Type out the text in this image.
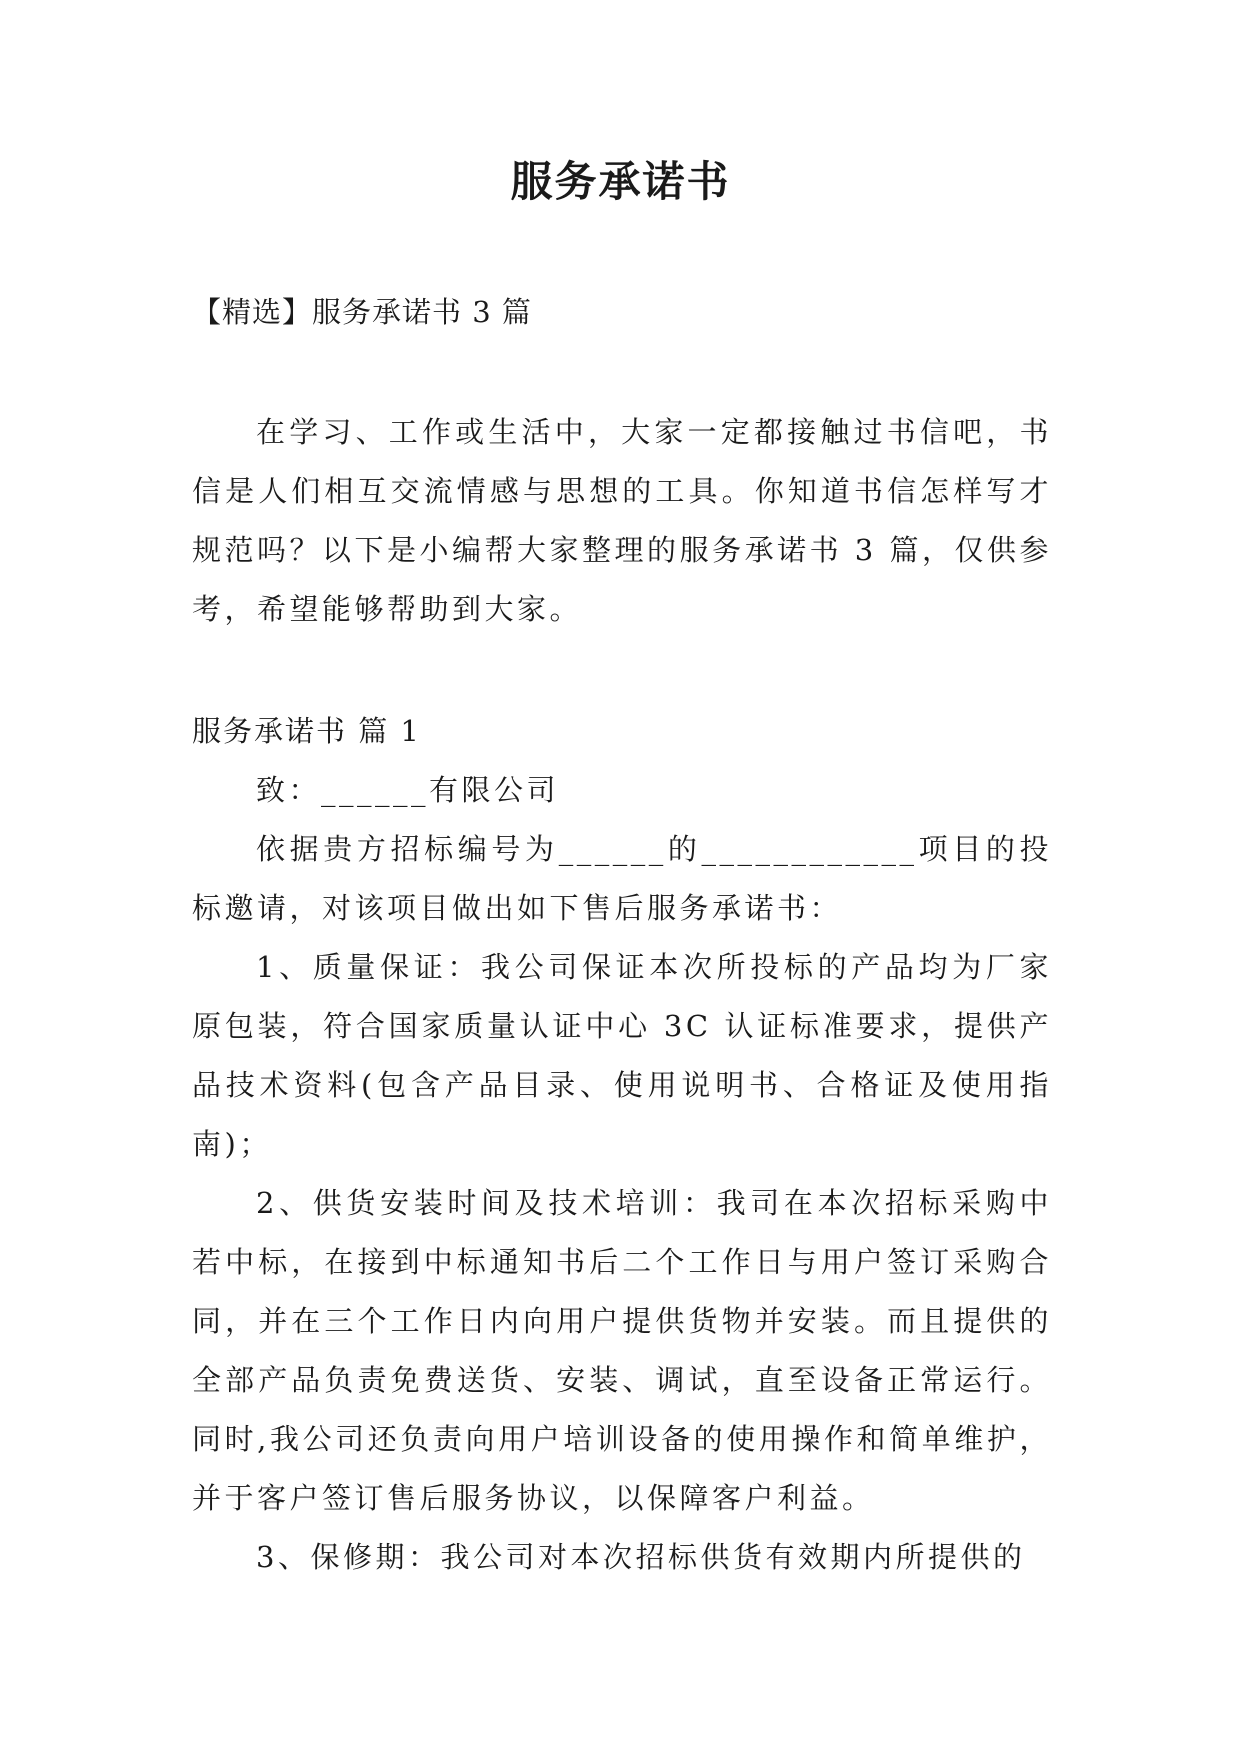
服务承诺书
【精选】服务承诺书 3 篇

在学习、工作或生活中，大家一定都接触过书信吧，书信是人们相互交流情感与思想的工具。你知道书信怎样写才规范吗？以下是小编帮大家整理的服务承诺书 3 篇，仅供参考，希望能够帮助到大家。

服务承诺书 篇 1

致：______有限公司

依据贵方招标编号为______的____________项目的投标邀请，对该项目做出如下售后服务承诺书：

1、质量保证：我公司保证本次所投标的产品均为厂家原包装，符合国家质量认证中心 3C 认证标准要求，提供产品技术资料(包含产品目录、使用说明书、合格证及使用指南)；

2、供货安装时间及技术培训：我司在本次招标采购中若中标，在接到中标通知书后二个工作日与用户签订采购合同，并在三个工作日内向用户提供货物并安装。而且提供的全部产品负责免费送货、安装、调试，直至设备正常运行。同时,我公司还负责向用户培训设备的使用操作和简单维护，并于客户签订售后服务协议，以保障客户利益。

3、保修期：我公司对本次招标供货有效期内所提供的
